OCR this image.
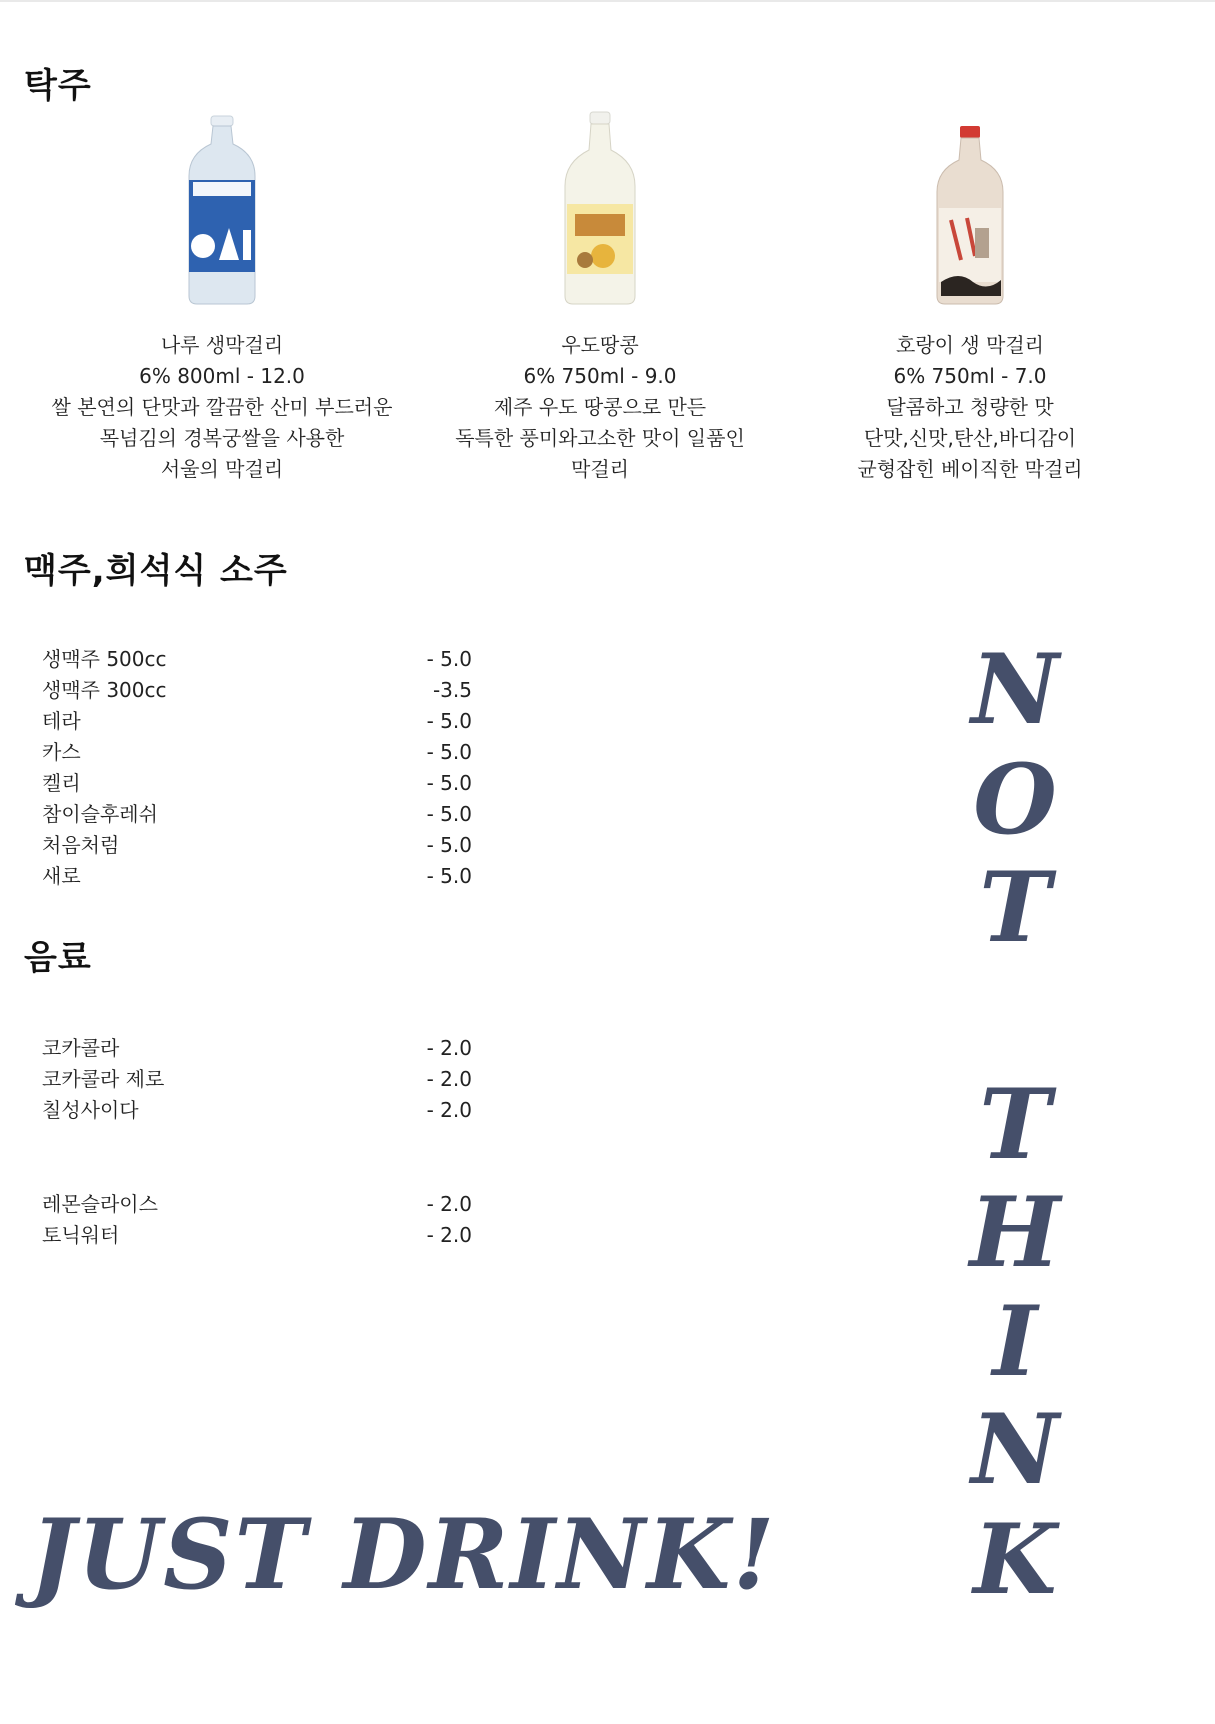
탁주
나루 생막걸리
6% 800ml - 12.0
쌀 본연의 단맛과 깔끔한 산미 부드러운
목넘김의 경복궁쌀을 사용한
서울의 막걸리
우도땅콩
6% 750ml - 9.0
제주 우도 땅콩으로 만든
독특한 풍미와고소한 맛이 일품인
막걸리
호랑이 생 막걸리
6% 750ml - 7.0
달콤하고 청량한 맛
단맛,신맛,탄산,바디감이
균형잡힌 베이직한 막걸리
맥주,희석식 소주
생맥주 500cc	- 5.0
생맥주 300cc	-3.5
테라	- 5.0
카스	- 5.0
켈리	- 5.0
참이슬후레쉬	- 5.0
처음처럼	- 5.0
새로	- 5.0
음료
코카콜라	- 2.0
코카콜라 제로	- 2.0
칠성사이다	- 2.0
레몬슬라이스	- 2.0
토닉워터	- 2.0
N
O
T
T
H
I
N
K
JUST DRINK!
